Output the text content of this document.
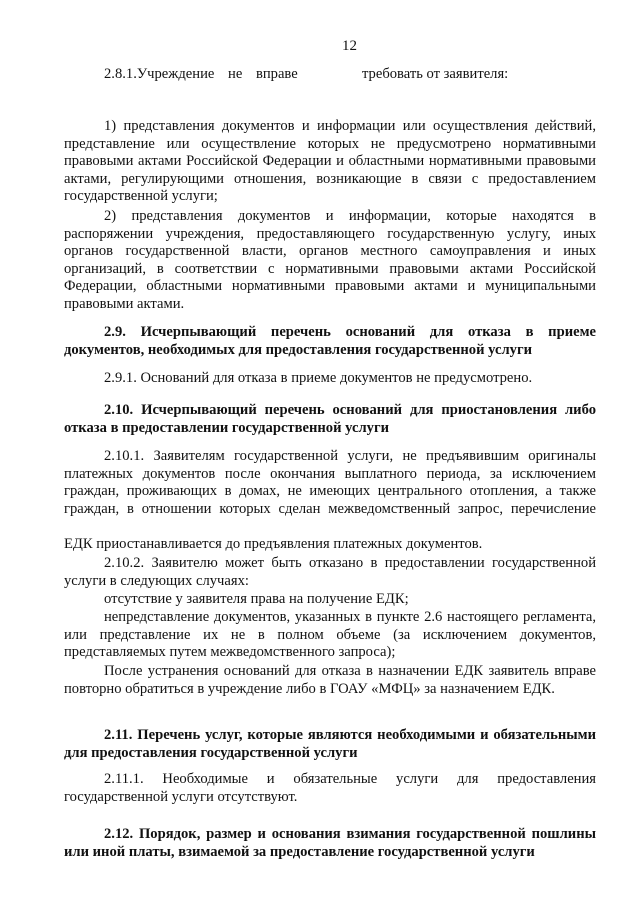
12
2.8.1.Учреждение не вправе	требовать от заявителя:

1) представления документов и информации или осуществления действий, представление или осуществление которых не предусмотрено нормативными правовыми актами Российской Федерации и областными нормативными правовыми актами, регулирующими отношения, возникающие в связи с предоставлением государственной услуги;

2) представления документов и информации, которые находятся в распоряжении учреждения, предоставляющего государственную услугу, иных органов государственной власти, органов местного самоуправления и иных организаций, в соответствии с нормативными правовыми актами Российской Федерации, областными нормативными правовыми актами и муниципальными правовыми актами.

2.9. Исчерпывающий перечень оснований для отказа в приеме документов, необходимых для предоставления государственной услуги

2.9.1. Оснований для отказа в приеме документов не предусмотрено.

2.10. Исчерпывающий перечень оснований для приостановления либо отказа в предоставлении государственной услуги

2.10.1. Заявителям государственной услуги, не предъявившим оригиналы платежных документов после окончания выплатного периода, за исключением граждан, проживающих в домах, не имеющих центрального отопления, а также граждан, в отношении которых сделан межведомственный запрос, перечисление

ЕДК приостанавливается до предъявления платежных документов.

2.10.2. Заявителю может быть отказано в предоставлении государственной услуги в следующих случаях:

отсутствие у заявителя права на получение ЕДК;

непредставление документов, указанных в пункте 2.6 настоящего регламента, или представление их не в полном объеме (за исключением документов, представляемых путем межведомственного запроса);

После устранения оснований для отказа в назначении ЕДК заявитель вправе повторно обратиться в учреждение либо в ГОАУ «МФЦ» за назначением ЕДК.

2.11. Перечень услуг, которые являются необходимыми и обязательными для предоставления государственной услуги

2.11.1. Необходимые и обязательные услуги для предоставления государственной услуги отсутствуют.

2.12. Порядок, размер и основания взимания государственной пошлины или иной платы, взимаемой за предоставление государственной услуги
